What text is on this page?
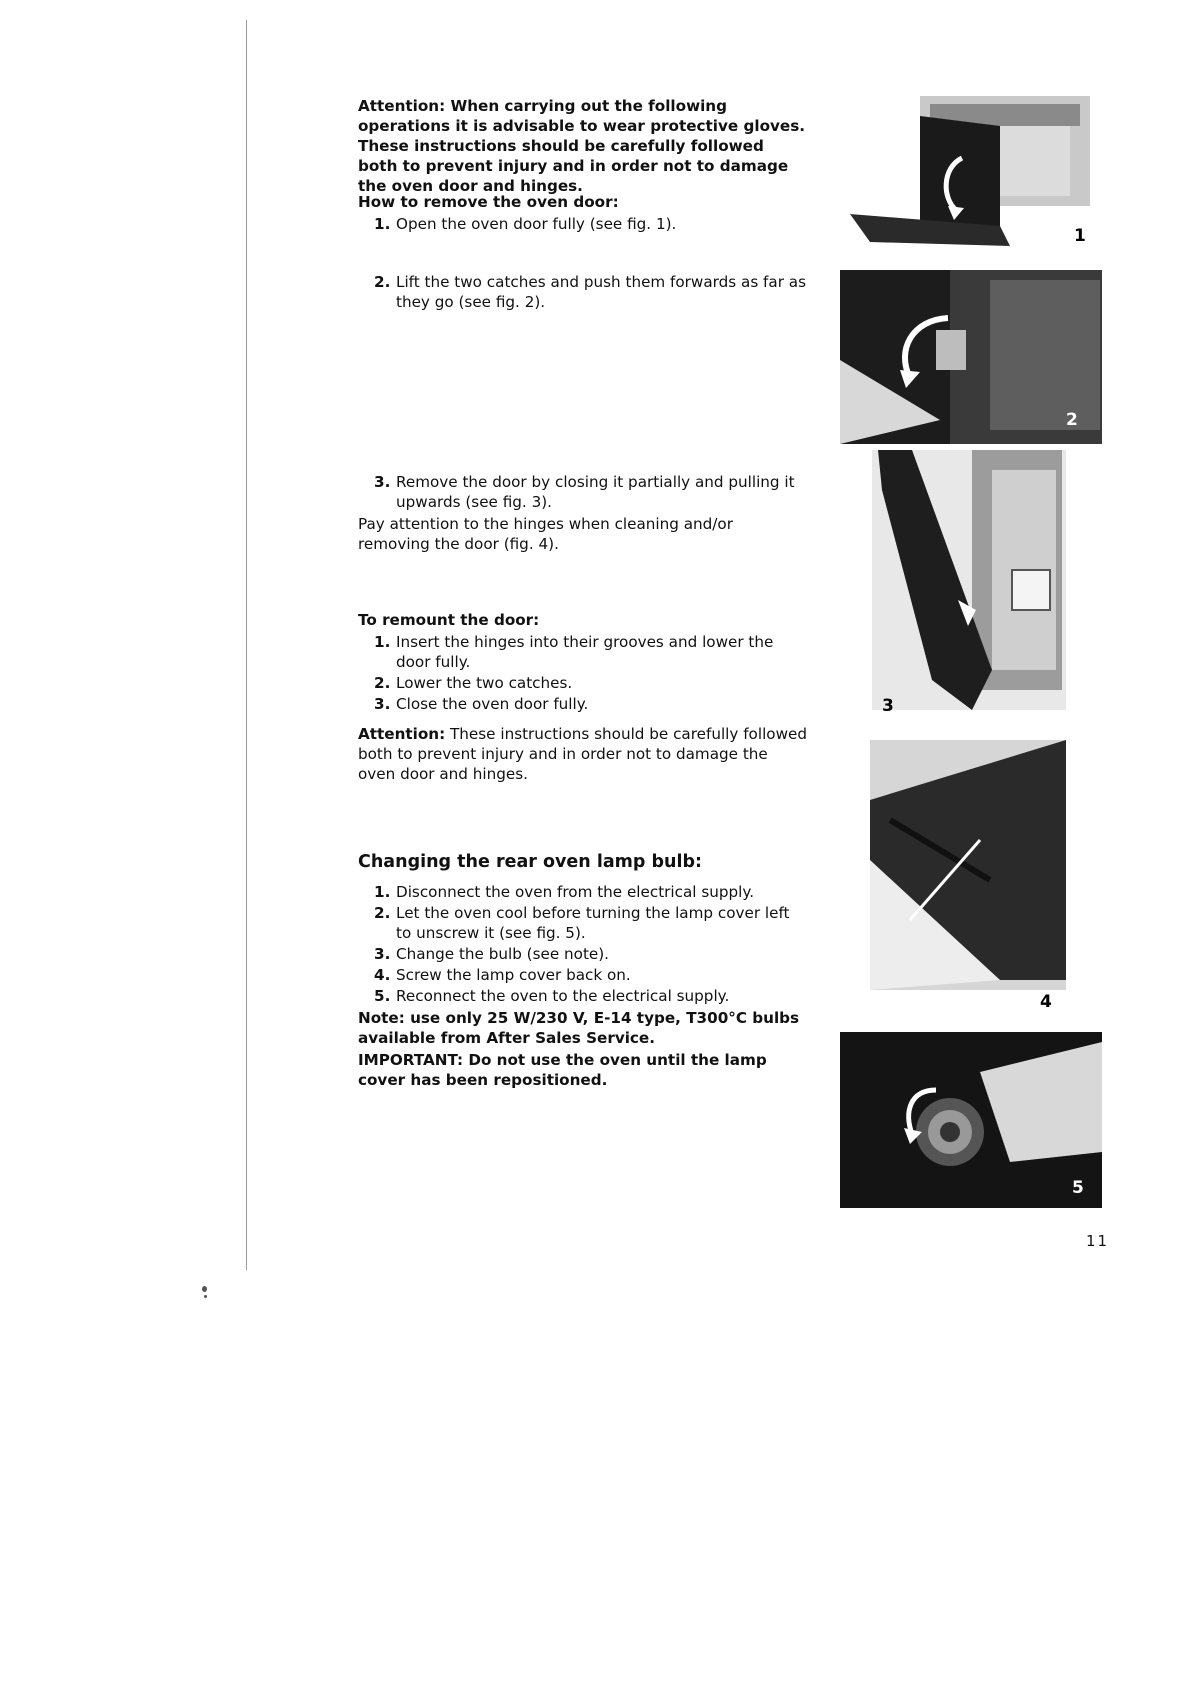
Attention: When carrying out the following operations it is advisable to wear protective gloves. These instructions should be carefully followed both to prevent injury and in order not to damage the oven door and hinges.
How to remove the oven door:

1. Open the oven door fully (see fig. 1).

2. Lift the two catches and push them forwards as far as they go (see fig. 2).

3. Remove the door by closing it partially and pulling it upwards (see fig. 3).

Pay attention to the hinges when cleaning and/or removing the door (fig. 4).
To remount the door:

1. Insert the hinges into their grooves and lower the door fully.

2. Lower the two catches.

3. Close the oven door fully.

Attention: These instructions should be carefully followed both to prevent injury and in order not to damage the oven door and hinges.
Changing the rear oven lamp bulb:

1. Disconnect the oven from the electrical supply.

2. Let the oven cool before turning the lamp cover left to unscrew it (see fig. 5).

3. Change the bulb (see note).

4. Screw the lamp cover back on.

5. Reconnect the oven to the electrical supply.

Note: use only 25 W/230 V, E-14 type, T300°C bulbs available from After Sales Service.
IMPORTANT: Do not use the oven until the lamp cover has been repositioned.
1
2
3
4
5
11
